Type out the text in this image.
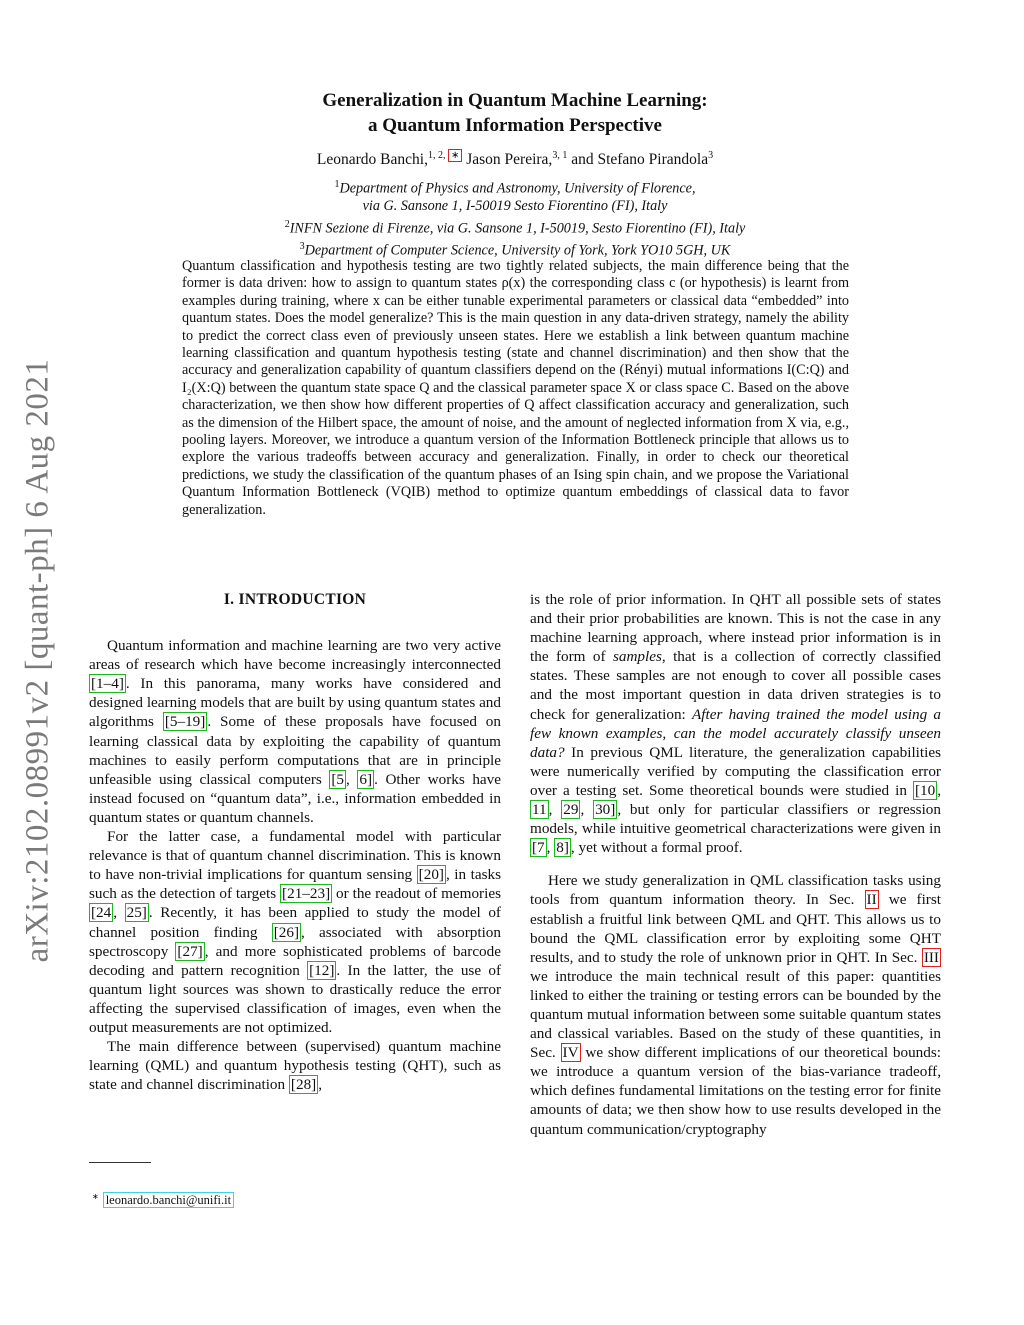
arXiv:2102.08991v2 [quant-ph] 6 Aug 2021
Generalization in Quantum Machine Learning:
a Quantum Information Perspective
Leonardo Banchi,$^{1, 2,}$ ∗ Jason Pereira,$^{3, 1}$ and Stefano Pirandola$^3$
$^1$Department of Physics and Astronomy, University of Florence,
via G. Sansone 1, I-50019 Sesto Fiorentino (FI), Italy
$^2$INFN Sezione di Firenze, via G. Sansone 1, I-50019, Sesto Fiorentino (FI), Italy
$^3$Department of Computer Science, University of York, York YO10 5GH, UK
Quantum classification and hypothesis testing are two tightly related subjects, the main difference being that the former is data driven: how to assign to quantum states ρ(x) the corresponding class c (or hypothesis) is learnt from examples during training, where x can be either tunable experimental parameters or classical data “embedded” into quantum states. Does the model generalize? This is the main question in any data-driven strategy, namely the ability to predict the correct class even of previously unseen states. Here we establish a link between quantum machine learning classification and quantum hypothesis testing (state and channel discrimination) and then show that the accuracy and generalization capability of quantum classifiers depend on the (Rényi) mutual informations I(C:Q) and I₂(X:Q) between the quantum state space Q and the classical parameter space X or class space C. Based on the above characterization, we then show how different properties of Q affect classification accuracy and generalization, such as the dimension of the Hilbert space, the amount of noise, and the amount of neglected information from X via, e.g., pooling layers. Moreover, we introduce a quantum version of the Information Bottleneck principle that allows us to explore the various tradeoffs between accuracy and generalization. Finally, in order to check our theoretical predictions, we study the classification of the quantum phases of an Ising spin chain, and we propose the Variational Quantum Information Bottleneck (VQIB) method to optimize quantum embeddings of classical data to favor generalization.
I. INTRODUCTION

Quantum information and machine learning are two very active areas of research which have become increasingly interconnected [1–4] . In this panorama, many works have considered and designed learning models that are built by using quantum states and algorithms [5–19] . Some of these proposals have focused on learning classical data by exploiting the capability of quantum machines to easily perform computations that are in principle unfeasible using classical computers [5 , 6] . Other works have instead focused on “quantum data”, i.e., information embedded in quantum states or quantum channels.

For the latter case, a fundamental model with particular relevance is that of quantum channel discrimination. This is known to have non-trivial implications for quantum sensing [20] , in tasks such as the detection of targets [21–23] or the readout of memories [24 , 25] . Recently, it has been applied to study the model of channel position finding [26] , associated with absorption spectroscopy [27] , and more sophisticated problems of barcode decoding and pattern recognition [12] . In the latter, the use of quantum light sources was shown to drastically reduce the error affecting the supervised classification of images, even when the output measurements are not optimized.

The main difference between (supervised) quantum machine learning (QML) and quantum hypothesis testing (QHT), such as state and channel discrimination [28] ,

is the role of prior information. In QHT all possible sets of states and their prior probabilities are known. This is not the case in any machine learning approach, where instead prior information is in the form of samples, that is a collection of correctly classified states. These samples are not enough to cover all possible cases and the most important question in data driven strategies is to check for generalization: After having trained the model using a few known examples, can the model accurately classify unseen data? In previous QML literature, the generalization capabilities were numerically verified by computing the classification error over a testing set. Some theoretical bounds were studied in [10 , 11 , 29 , 30] , but only for particular classifiers or regression models, while intuitive geometrical characterizations were given in [7 , 8] , yet without a formal proof.

Here we study generalization in QML classification tasks using tools from quantum information theory. In Sec. II we first establish a fruitful link between QML and QHT. This allows us to bound the QML classification error by exploiting some QHT results, and to study the role of unknown prior in QHT. In Sec. III we introduce the main technical result of this paper: quantities linked to either the training or testing errors can be bounded by the quantum mutual information between some suitable quantum states and classical variables. Based on the study of these quantities, in Sec. IV we show different implications of our theoretical bounds: we introduce a quantum version of the bias-variance tradeoff, which defines fundamental limitations on the testing error for finite amounts of data; we then show how to use results developed in the quantum communication/cryptography

∗ leonardo.banchi@unifi.it
